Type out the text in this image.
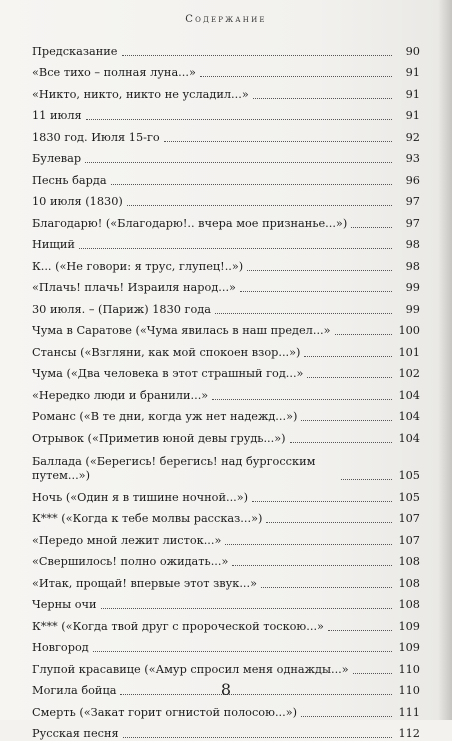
Содержание
Предсказание	90
«Все тихо – полная луна...»	91
«Никто, никто, никто не усладил...»	91
11 июля	91
1830 год. Июля 15-го	92
Булевар	93
Песнь барда	96
10 июля (1830)	97
Благодарю! («Благодарю!.. вчера мое признанье...»)	97
Нищий	98
К... («Не говори: я трус, глупец!..»)	98
«Плачь! плачь! Израиля народ...»	99
30 июля. – (Париж) 1830 года	99
Чума в Саратове («Чума явилась в наш предел...»	100
Стансы («Взгляни, как мой спокоен взор...»)	101
Чума («Два человека в этот страшный год...»	102
«Нередко люди и бранили...»	104
Романс («В те дни, когда уж нет надежд...»)	104
Отрывок («Приметив юной девы грудь...»)	104
Баллада («Берегись! берегись! над бургосским путем...»)	105
Ночь («Один я в тишине ночной...»)	105
К*** («Когда к тебе молвы рассказ...»)	107
«Передо мной лежит листок...»	107
«Свершилось! полно ожидать...»	108
«Итак, прощай! впервые этот звук...»	108
Черны очи	108
К*** («Когда твой друг с пророческой тоскою...»	109
Новгород	109
Глупой красавице («Амур спросил меня однажды...»	110
Могила бойца	110
Смерть («Закат горит огнистой полосою...»)	111
Русская песня	112
8
